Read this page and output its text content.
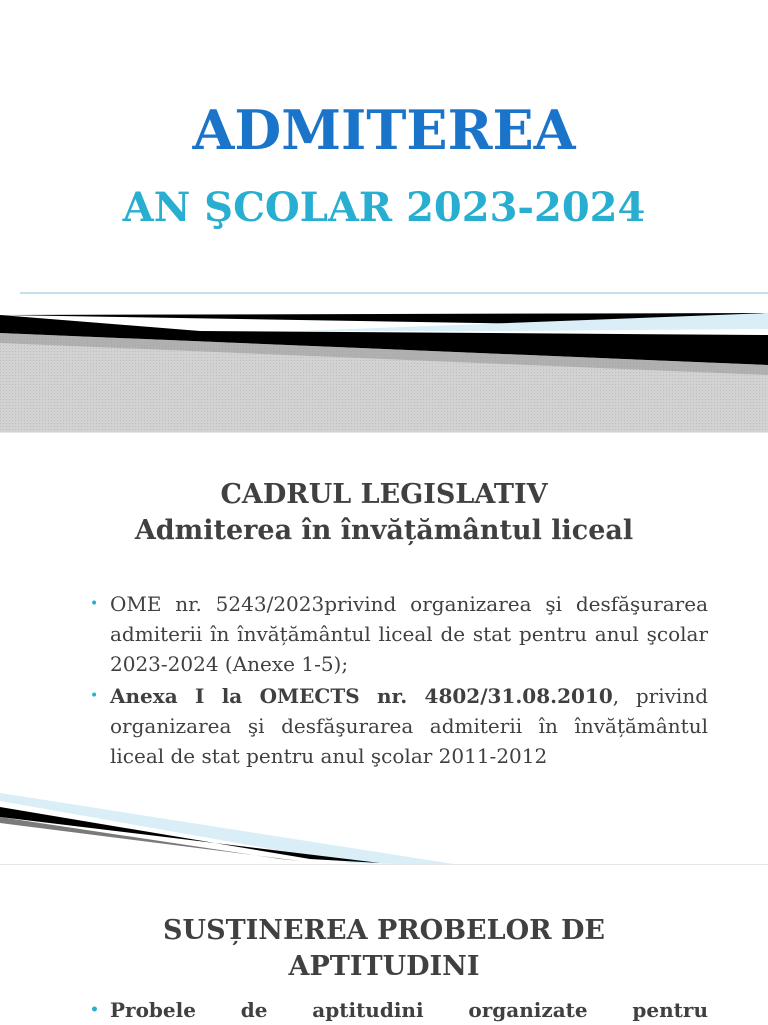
ADMITEREA
AN ŞCOLAR 2023-2024
CADRUL LEGISLATIV
Admiterea în învățământul liceal
• OME nr. 5243/2023privind organizarea şi desfăşurarea admiterii în învățământul liceal de stat pentru anul şcolar 2023-2024 (Anexe 1-5);
• Anexa I la OMECTS nr. 4802/31.08.2010, privind organizarea şi desfăşurarea admiterii în învățământul liceal de stat pentru anul şcolar 2011-2012
SUSȚINEREA PROBELOR DE
APTITUDINI
• Probele de aptitudini organizate pentru
